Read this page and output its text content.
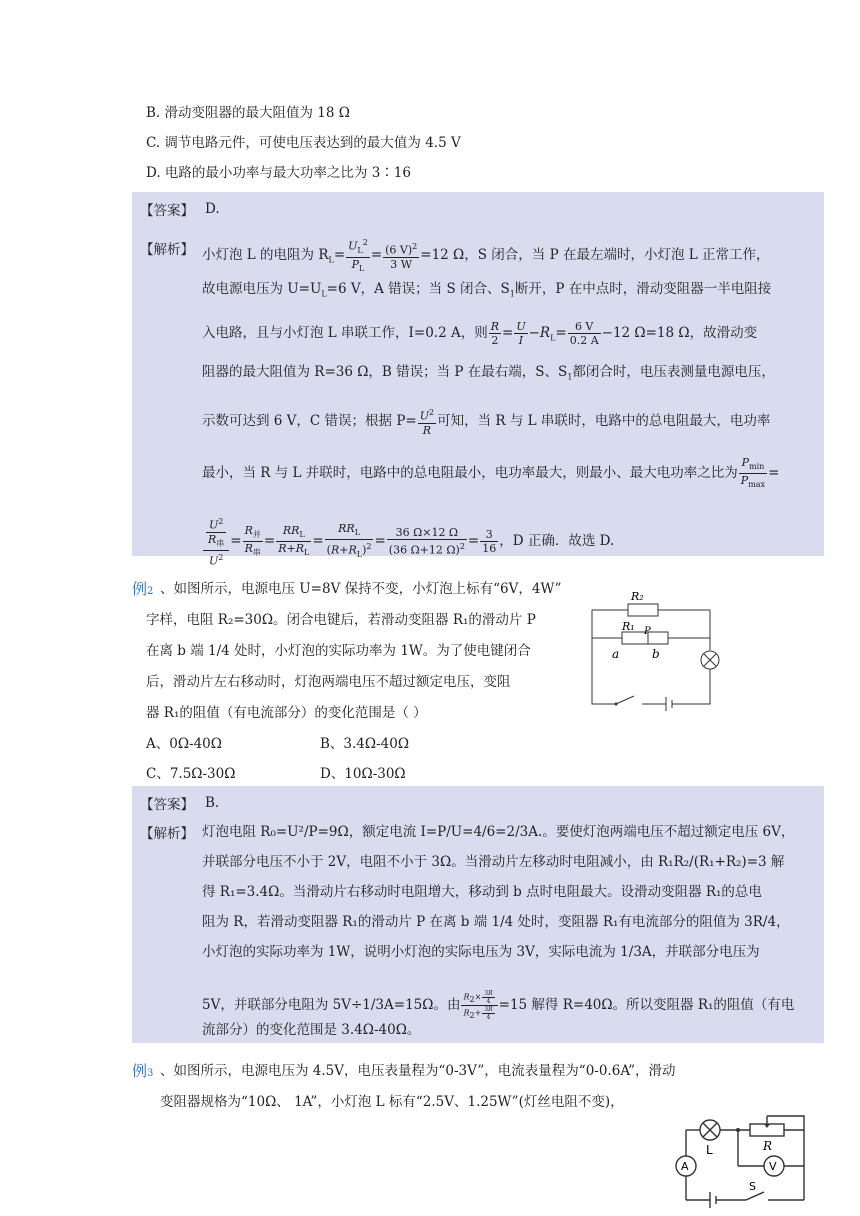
B. 滑动变阻器的最大阻值为 18 Ω
C. 调节电路元件，可使电压表达到的最大值为 4.5 V
D. 电路的最小功率与最大功率之比为 3∶16
【答案】 D.
【解析】 小灯泡 L 的电阻为 $R_L= \frac{U_L^2}{P_L} = \frac{(6 V)^2}{3 W} =12$ Ω，S 闭合，当 P 在最左端时，小灯泡 L 正常工作，
故电源电压为 $U=U_L=6$ V，A 错误；当 S 闭合、$S_1$断开，P 在中点时，滑动变阻器一半电阻接
入电路，且与小灯泡 L 串联工作，I=0.2 A，则 $\frac{R}{2} = \frac{U}{I} -R_L= \frac{6 V}{0.2 A} -12$ Ω=18 Ω，故滑动变
阻器的最大阻值为 R=36 Ω，B 错误；当 P 在最右端，S、$S_1$都闭合时，电压表测量电源电压，
示数可达到 6 V，C 错误；根据 $P= \frac{U^2}{R}$ 可知，当 R 与 L 串联时，电路中的总电阻最大，电功率
最小，当 R 与 L 并联时，电路中的总电阻最小，电功率最大，则最小、最大电功率之比为 $\frac{P_{min}}{P_{max}}$ =
$\frac{\frac{U^2}{R_串}}{U^2} = \frac{R_并}{R_串} = \frac{RR_L}{R+R_L} = \frac{RR_L}{(R+R_L)^2} = \frac{36 \Omega\times 12 \Omega}{(36 \Omega+12 \Omega)^2} = \frac{3}{16}$ ，D 正确．故选 D.
例2 、如图所示，电源电压 U=8V 保持不变，小灯泡上标有“6V，4W”
字样，电阻 R₂=30Ω。闭合电键后，若滑动变阻器 R₁的滑动片 P
在离 b 端 1/4 处时，小灯泡的实际功率为 1W。为了使电键闭合
后，滑动片左右移动时，灯泡两端电压不超过额定电压，变阻
器 R₁的阻值（有电流部分）的变化范围是（ ）
A、0Ω-40Ω	B、3.4Ω-40Ω
C、7.5Ω-30Ω	D、10Ω-30Ω
R₂
R₁ P
a	b
【答案】 B.
【解析】 灯泡电阻 R₀=U²/P=9Ω，额定电流 I=P/U=4/6=2/3A.。要使灯泡两端电压不超过额定电压 6V，
并联部分电压不小于 2V，电阻不小于 3Ω。当滑动片左移动时电阻减小，由 R₁R₂/(R₁+R₂)=3 解
得 R₁=3.4Ω。当滑动片右移动时电阻增大，移动到 b 点时电阻最大。设滑动变阻器 R₁的总电
阻为 R，若滑动变阻器 R₁的滑动片 P 在离 b 端 1/4 处时，变阻器 R₁有电流部分的阻值为 3R/4，
小灯泡的实际功率为 1W，说明小灯泡的实际电压为 3V，实际电流为 1/3A，并联部分电压为
5V，并联部分电阻为 5V÷1/3A=15Ω。由 $\frac{R_2\times \frac{3R}{4}}{R_2+ \frac{3R}{4}} =15$ 解得 R=40Ω。所以变阻器 R₁的阻值（有电
流部分）的变化范围是 3.4Ω-40Ω。
例3 、如图所示，电源电压为 4.5V，电压表量程为“0-3V”，电流表量程为“0-0.6A”，滑动
变阻器规格为“10Ω、 1A”，小灯泡 L 标有“2.5V、1.25W”(灯丝电阻不变)，
L	R
A	V
S
